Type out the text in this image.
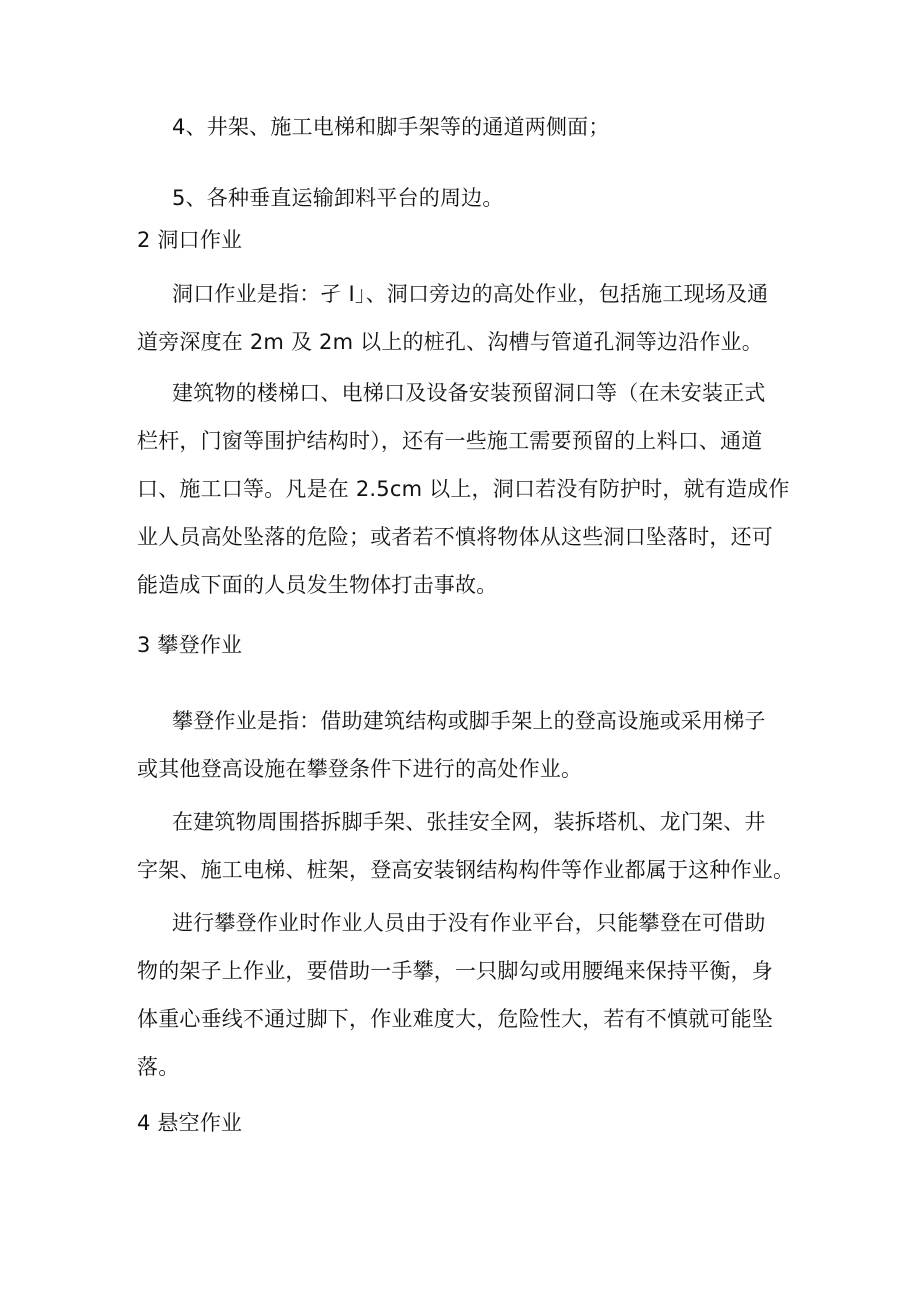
4、井架、施工电梯和脚手架等的通道两侧面；
5、各种垂直运输卸料平台的周边。
2 洞口作业
洞口作业是指：孑 I」、洞口旁边的高处作业，包括施工现场及通
道旁深度在 2m 及 2m 以上的桩孔、沟槽与管道孔洞等边沿作业。
建筑物的楼梯口、电梯口及设备安装预留洞口等（在未安装正式
栏杆，门窗等围护结构时），还有一些施工需要预留的上料口、通道
口、施工口等。凡是在 2.5cm 以上，洞口若没有防护时，就有造成作
业人员高处坠落的危险；或者若不慎将物体从这些洞口坠落时，还可
能造成下面的人员发生物体打击事故。
3 攀登作业
攀登作业是指：借助建筑结构或脚手架上的登高设施或采用梯子
或其他登高设施在攀登条件下进行的高处作业。
在建筑物周围搭拆脚手架、张挂安全网，装拆塔机、龙门架、井
字架、施工电梯、桩架，登高安装钢结构构件等作业都属于这种作业。
进行攀登作业时作业人员由于没有作业平台，只能攀登在可借助
物的架子上作业，要借助一手攀，一只脚勾或用腰绳来保持平衡，身
体重心垂线不通过脚下，作业难度大，危险性大，若有不慎就可能坠
落。
4 悬空作业
